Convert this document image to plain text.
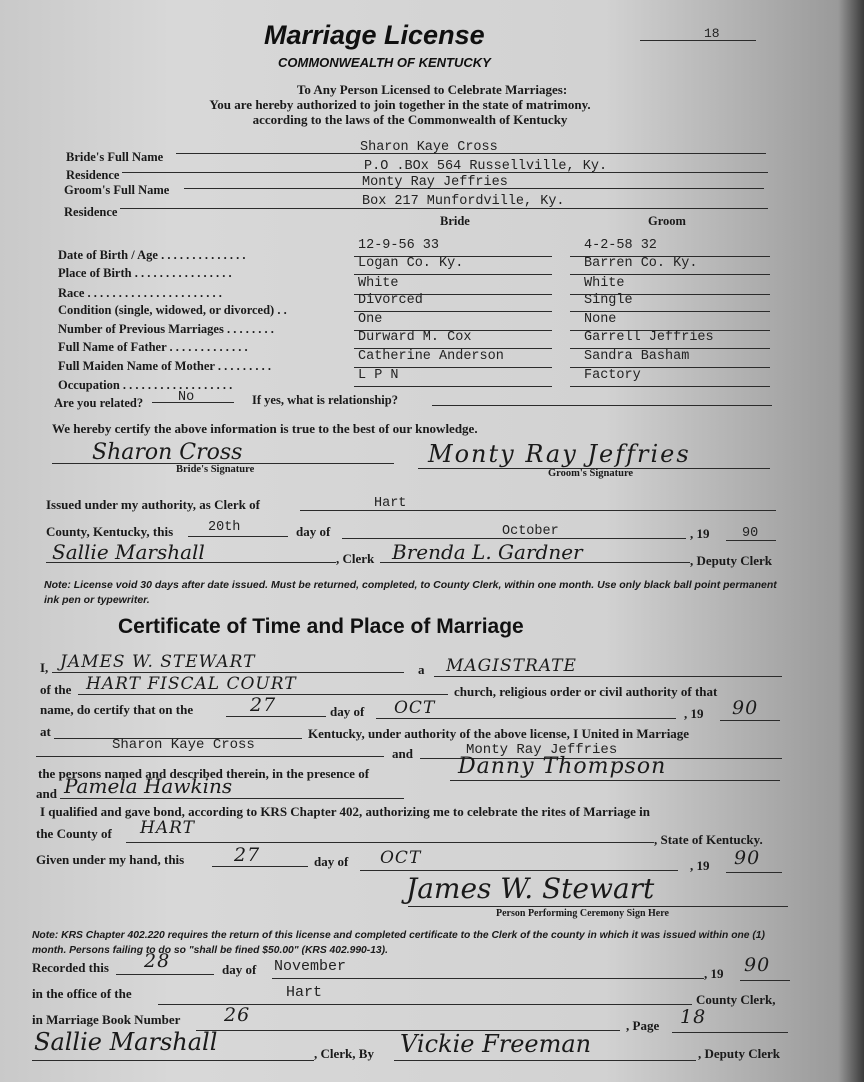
Marriage License	18
COMMONWEALTH OF KENTUCKY
To Any Person Licensed to Celebrate Marriages:
You are hereby authorized to join together in the state of matrimony.
according to the laws of the Commonwealth of Kentucky
Bride's Full Name
Sharon Kaye Cross
Residence
P.O .BOx 564 Russellville, Ky.
Groom's Full Name	Monty Ray Jeffries
Residence
Box 217 Munfordville, Ky.
Bride	Groom
Date of Birth / Age . . . . . . . . . . . . . .
12-9-56 33	4-2-58 32
Place of Birth . . . . . . . . . . . . . . . .
Logan Co. Ky.	Barren Co. Ky.
Race . . . . . . . . . . . . . . . . . . . . . .
White	White
Condition (single, widowed, or divorced) . .
Divorced	Single
Number of Previous Marriages . . . . . . . .
One	None
Full Name of Father . . . . . . . . . . . . .
Durward M. Cox	Garrell Jeffries
Full Maiden Name of Mother . . . . . . . . .
Catherine Anderson	Sandra Basham
Occupation . . . . . . . . . . . . . . . . . .
L P N	Factory
Are you related?	No	If yes, what is relationship?
We hereby certify the above information is true to the best of our knowledge.
Sharon Cross
Bride's Signature
Monty Ray Jeffries
Groom's Signature
Issued under my authority, as Clerk of	Hart
County, Kentucky, this	20th	day of	October	, 19 90
Sallie Marshall	, Clerk Brenda L. Gardner	, Deputy Clerk
Note: License void 30 days after date issued. Must be returned, completed, to County Clerk, within one month. Use only black ball point permanent ink pen or typewriter.
Certificate of Time and Place of Marriage
I, JAMES W. STEWART	a MAGISTRATE
of the HART FISCAL COURT	church, religious order or civil authority of that
name, do certify that on the	27	day of OCT	, 19 90
at	Kentucky, under authority of the above license, I United in Marriage
Sharon Kaye Cross
and	Monty Ray Jeffries
the persons named and described therein, in the presence of	Danny Thompson
and Pamela Hawkins
I qualified and gave bond, according to KRS Chapter 402, authorizing me to celebrate the rites of Marriage in
the County of HART
, State of Kentucky.
Given under my hand, this	27	day of OCT	, 19 90
James W. Stewart
Person Performing Ceremony Sign Here
Note: KRS Chapter 402.220 requires the return of this license and completed certificate to the Clerk of the county in which it was issued within one (1) month. Persons failing to do so "shall be fined $50.00" (KRS 402.990-13).
Recorded this 28	day of November	, 19 90
in the office of the	Hart	County Clerk,
in Marriage Book Number 26	, Page 18
Sallie Marshall	, Clerk, By Vickie Freeman	, Deputy Clerk
